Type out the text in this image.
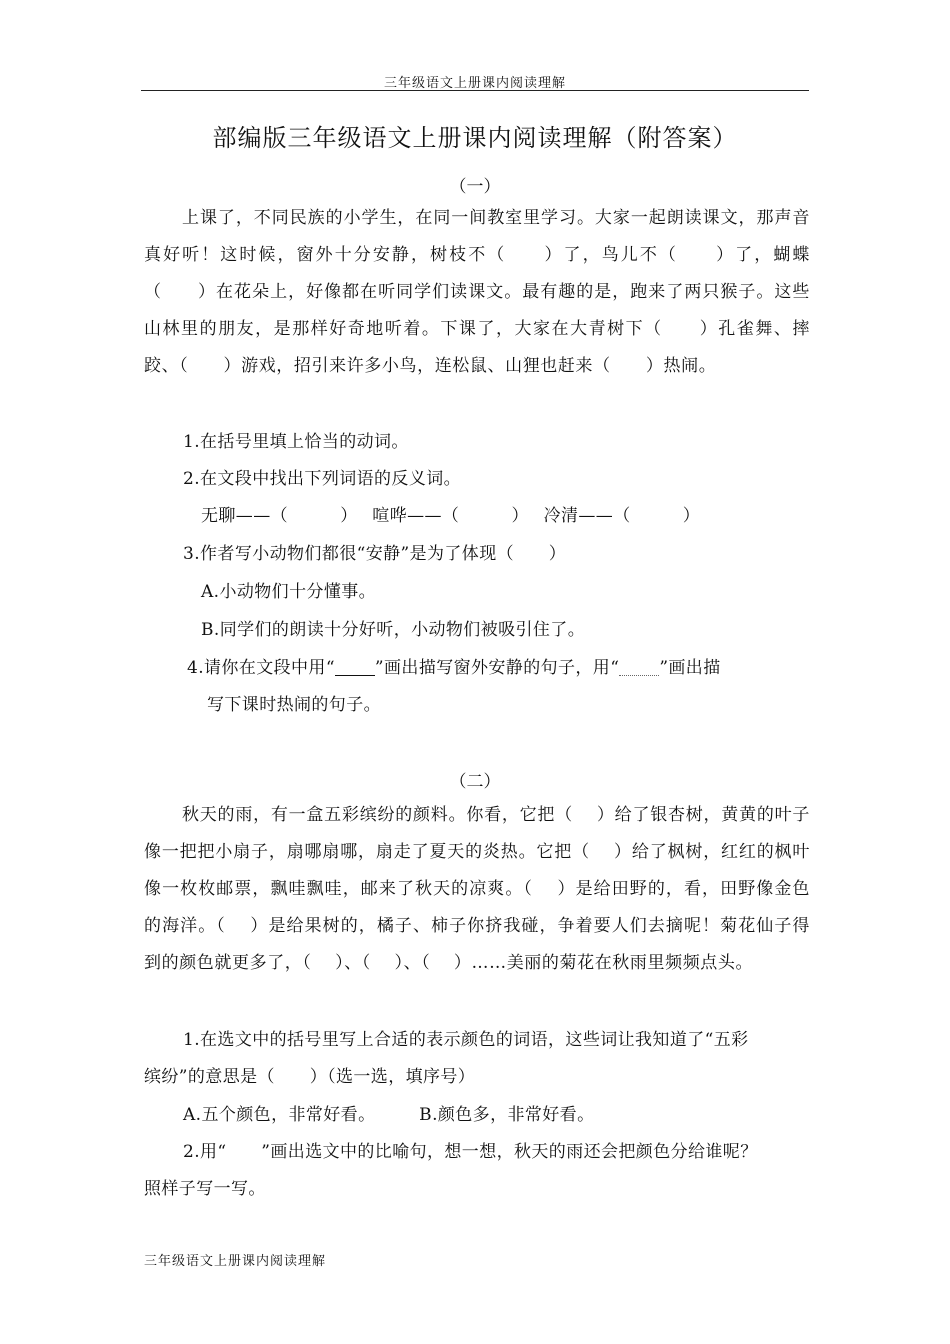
三年级语文上册课内阅读理解
部编版三年级语文上册课内阅读理解（附答案）
（一）

上课了，不同民族的小学生，在同一间教室里学习。大家一起朗读课文，那声音真好听！这时候，窗外十分安静，树枝不（　　）了，鸟儿不（　　）了，蝴蝶（　　）在花朵上，好像都在听同学们读课文。最有趣的是，跑来了两只猴子。这些山林里的朋友，是那样好奇地听着。下课了，大家在大青树下（　　）孔雀舞、摔跤、（　　）游戏，招引来许多小鸟，连松鼠、山狸也赶来（　　）热闹。

1.在括号里填上恰当的动词。
2.在文段中找出下列词语的反义词。
无聊——（　　　）　 喧哗——（　　　）　 冷清——（　　　）
3.作者写小动物们都很“安静”是为了体现（　　）
A.小动物们十分懂事。
B.同学们的朗读十分好听，小动物们被吸引住了。
4.请你在文段中用“ ”画出描写窗外安静的句子，用“ ”画出描
写下课时热闹的句子。
（二）

秋天的雨，有一盒五彩缤纷的颜料。你看，它把（　 ）给了银杏树，黄黄的叶子像一把把小扇子，扇哪扇哪，扇走了夏天的炎热。它把（　 ）给了枫树，红红的枫叶像一枚枚邮票，飘哇飘哇，邮来了秋天的凉爽。（　 ）是给田野的，看，田野像金色的海洋。（　 ）是给果树的，橘子、柿子你挤我碰，争着要人们去摘呢！菊花仙子得到的颜色就更多了，（　 ）、（　 ）、（　 ）……美丽的菊花在秋雨里频频点头。

1.在选文中的括号里写上合适的表示颜色的词语，这些词让我知道了“五彩
缤纷”的意思是（　　）（选一选，填序号）
A.五个颜色，非常好看。　　　B.颜色多，非常好看。
2.用“　　”画出选文中的比喻句，想一想，秋天的雨还会把颜色分给谁呢？
照样子写一写。
三年级语文上册课内阅读理解
